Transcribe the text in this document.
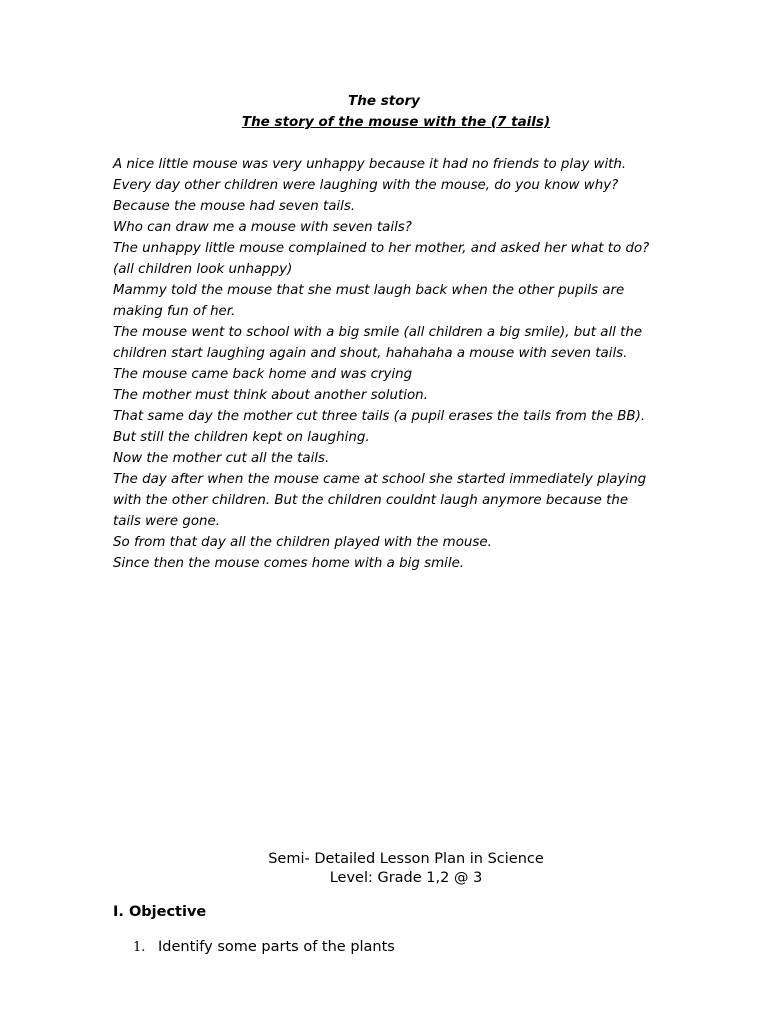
The story

The story of the mouse with the (7 tails)

A nice little mouse was very unhappy because it had no friends to play with.
Every day other children were laughing with the mouse, do you know why?
Because the mouse had seven tails.
Who can draw me a mouse with seven tails?
The unhappy little mouse complained to her mother, and asked her what to do?
(all children look unhappy)
Mammy told the mouse that she must laugh back when the other pupils are
making fun of her.
The mouse went to school with a big smile (all children a big smile), but all the
children start laughing again and shout, hahahaha a mouse with seven tails.
The mouse came back home and was crying
The mother must think about another solution.
That same day the mother cut three tails (a pupil erases the tails from the BB).
But still the children kept on laughing.
Now the mother cut all the tails.
The day after when the mouse came at school she started immediately playing
with the other children. But the children couldnt laugh anymore because the
tails were gone.
So from that day all the children played with the mouse.
Since then the mouse comes home with a big smile.

Semi- Detailed Lesson Plan in Science

Level: Grade 1,2 @ 3

I. Objective

1. Identify some parts of the plants
